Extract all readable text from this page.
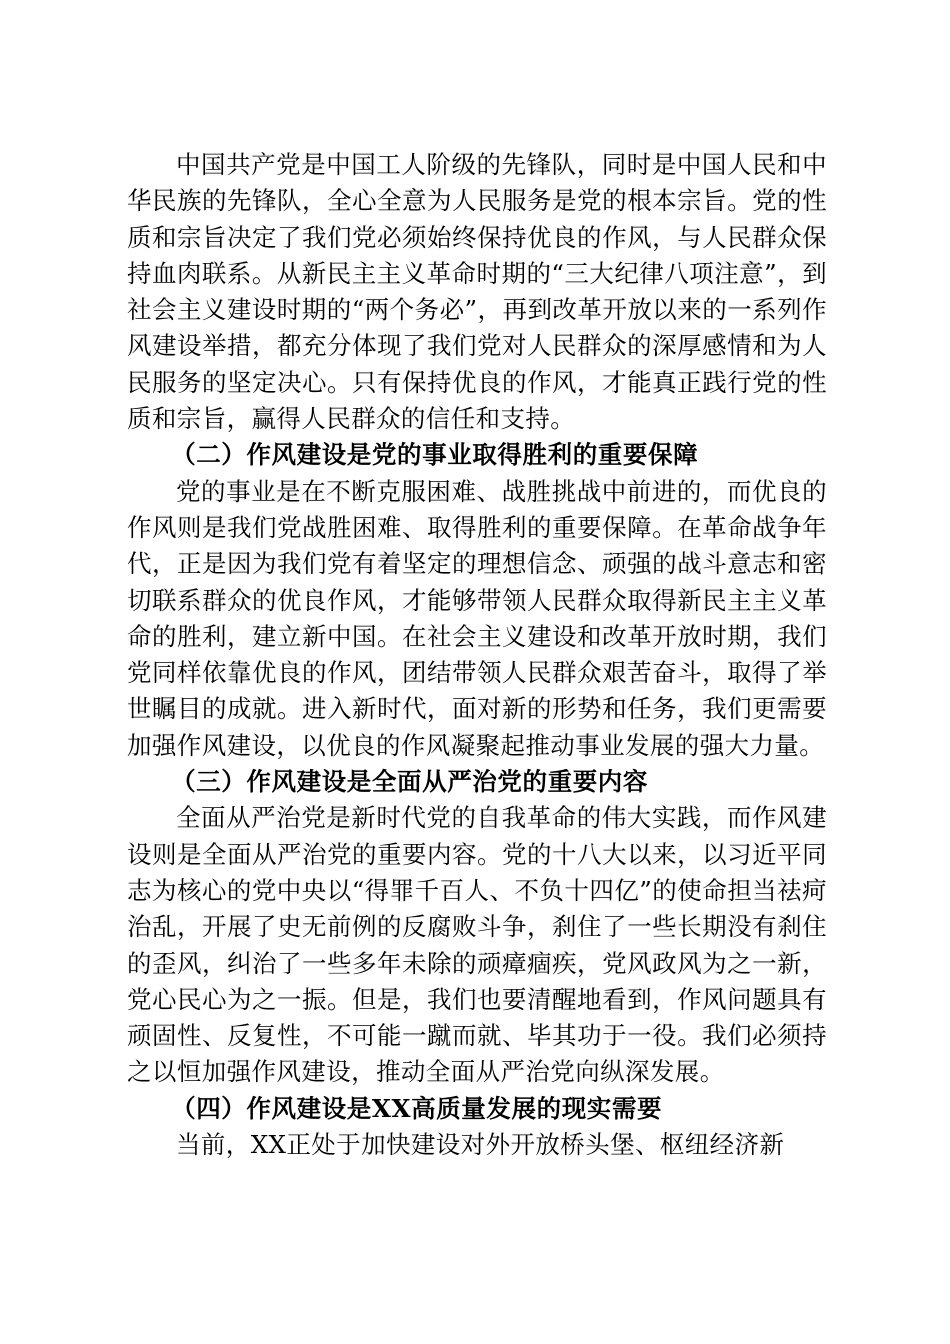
中国共产党是中国工人阶级的先锋队，同时是中国人民和中华民族的先锋队，全心全意为人民服务是党的根本宗旨。党的性质和宗旨决定了我们党必须始终保持优良的作风，与人民群众保持血肉联系。从新民主主义革命时期的“三大纪律八项注意”，到社会主义建设时期的“两个务必”，再到改革开放以来的一系列作风建设举措，都充分体现了我们党对人民群众的深厚感情和为人民服务的坚定决心。只有保持优良的作风，才能真正践行党的性质和宗旨，赢得人民群众的信任和支持。

（二）作风建设是党的事业取得胜利的重要保障

党的事业是在不断克服困难、战胜挑战中前进的，而优良的作风则是我们党战胜困难、取得胜利的重要保障。在革命战争年代，正是因为我们党有着坚定的理想信念、顽强的战斗意志和密切联系群众的优良作风，才能够带领人民群众取得新民主主义革命的胜利，建立新中国。在社会主义建设和改革开放时期，我们党同样依靠优良的作风，团结带领人民群众艰苦奋斗，取得了举世瞩目的成就。进入新时代，面对新的形势和任务，我们更需要加强作风建设，以优良的作风凝聚起推动事业发展的强大力量。

（三）作风建设是全面从严治党的重要内容

全面从严治党是新时代党的自我革命的伟大实践，而作风建设则是全面从严治党的重要内容。党的十八大以来，以习近平同志为核心的党中央以“得罪千百人、不负十四亿”的使命担当祛疴治乱，开展了史无前例的反腐败斗争，刹住了一些长期没有刹住的歪风，纠治了一些多年未除的顽瘴痼疾，党风政风为之一新，党心民心为之一振。但是，我们也要清醒地看到，作风问题具有顽固性、反复性，不可能一蹴而就、毕其功于一役。我们必须持之以恒加强作风建设，推动全面从严治党向纵深发展。

（四）作风建设是XX高质量发展的现实需要

当前，XX正处于加快建设对外开放桥头堡、枢纽经济新
